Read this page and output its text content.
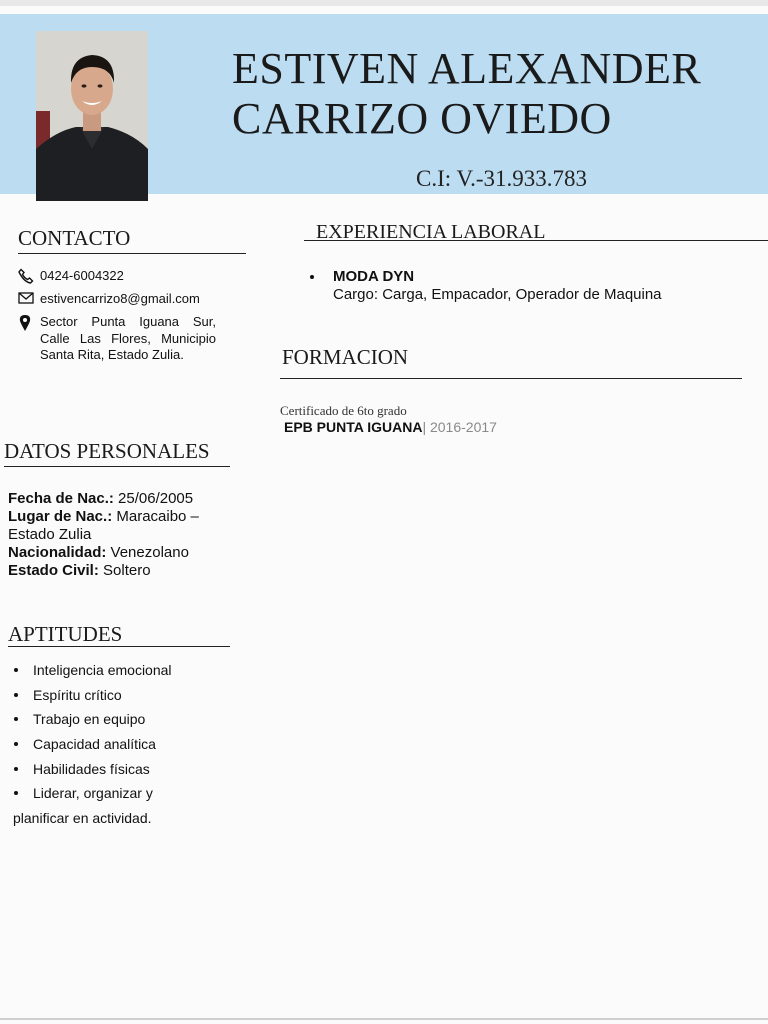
ESTIVEN ALEXANDER
CARRIZO OVIEDO
C.I: V.-31.933.783
CONTACTO
0424-6004322
estivencarrizo8@gmail.com
Sector Punta Iguana Sur, Calle Las Flores, Municipio Santa Rita, Estado Zulia.
DATOS PERSONALES
Fecha de Nac.: 25/06/2005
Lugar de Nac.: Maracaibo – Estado Zulia
Nacionalidad: Venezolano
Estado Civil: Soltero
APTITUDES
Inteligencia emocional
Espíritu crítico
Trabajo en equipo
Capacidad analítica
Habilidades físicas
Liderar, organizar y
planificar en actividad.
EXPERIENCIA LABORAL
MODA DYN
Cargo: Carga, Empacador, Operador de Maquina
FORMACION
Certificado de 6to grado
EPB PUNTA IGUANA| 2016-2017
